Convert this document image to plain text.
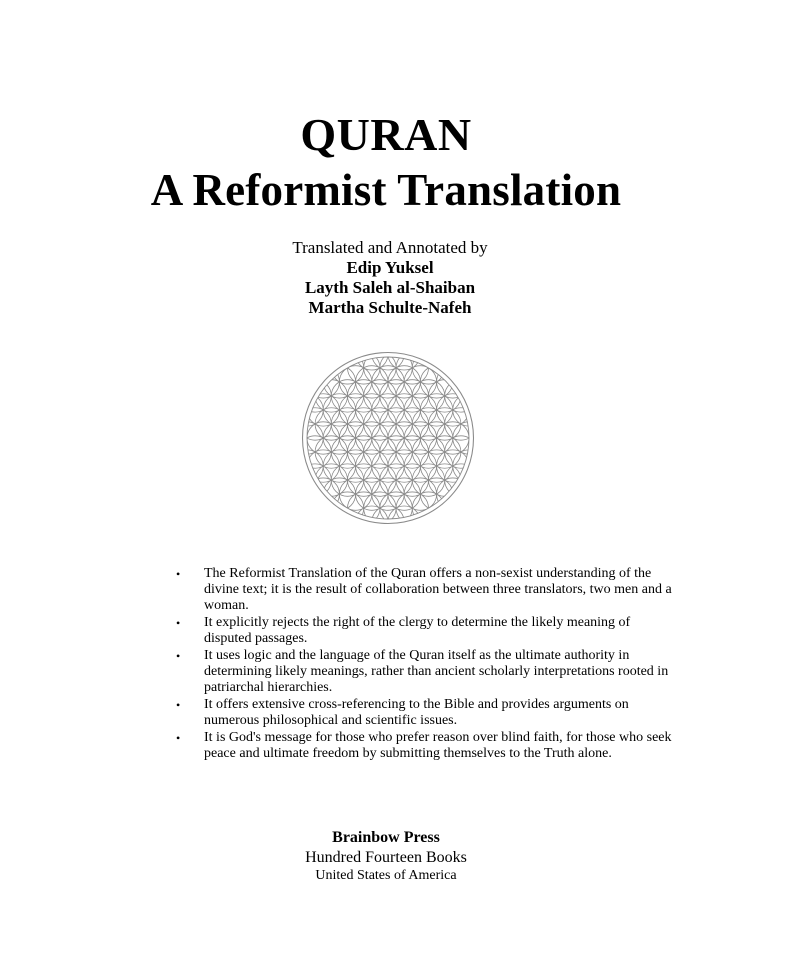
QURAN
A Reformist Translation
Translated and Annotated by
Edip Yuksel
Layth Saleh al-Shaiban
Martha Schulte-Nafeh
• The Reformist Translation of the Quran offers a non-sexist understanding of the divine text; it is the result of collaboration between three translators, two men and a woman.
• It explicitly rejects the right of the clergy to determine the likely meaning of disputed passages.
• It uses logic and the language of the Quran itself as the ultimate authority in determining likely meanings, rather than ancient scholarly interpretations rooted in patriarchal hierarchies.
• It offers extensive cross-referencing to the Bible and provides arguments on numerous philosophical and scientific issues.
• It is God's message for those who prefer reason over blind faith, for those who seek peace and ultimate freedom by submitting themselves to the Truth alone.
Brainbow Press
Hundred Fourteen Books
United States of America
